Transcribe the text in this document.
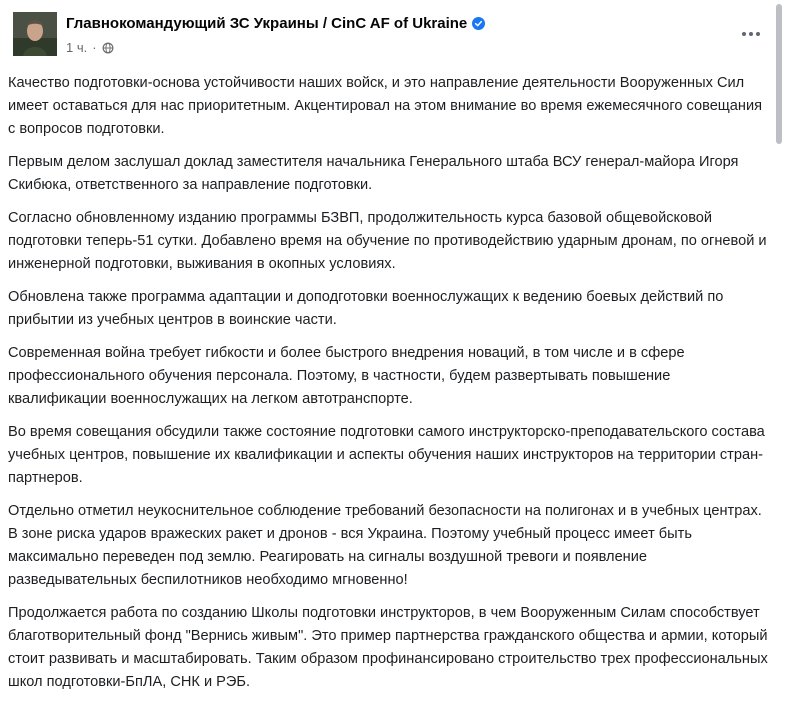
Главнокомандующий ЗС Украины / CinC AF of Ukraine
1 ч. ·

Качество подготовки-основа устойчивости наших войск, и это направление деятельности Вооруженных Сил имеет оставаться для нас приоритетным. Акцентировал на этом внимание во время ежемесячного совещания с вопросов подготовки.

Первым делом заслушал доклад заместителя начальника Генерального штаба ВСУ генерал-майора Игоря Скибюка, ответственного за направление подготовки.

Согласно обновленному изданию программы БЗВП, продолжительность курса базовой общевойсковой подготовки теперь-51 сутки. Добавлено время на обучение по противодействию ударным дронам, по огневой и инженерной подготовки, выживания в окопных условиях.

Обновлена также программа адаптации и доподготовки военнослужащих к ведению боевых действий по прибытии из учебных центров в воинские части.

Современная война требует гибкости и более быстрого внедрения новаций, в том числе и в сфере профессионального обучения персонала. Поэтому, в частности, будем развертывать повышение квалификации военнослужащих на легком автотранспорте.

Во время совещания обсудили также состояние подготовки самого инструкторско-преподавательского состава учебных центров, повышение их квалификации и аспекты обучения наших инструкторов на территории стран-партнеров.

Отдельно отметил неукоснительное соблюдение требований безопасности на полигонах и в учебных центрах. В зоне риска ударов вражеских ракет и дронов - вся Украина. Поэтому учебный процесс имеет быть максимально переведен под землю. Реагировать на сигналы воздушной тревоги и появление разведывательных беспилотников необходимо мгновенно!

Продолжается работа по созданию Школы подготовки инструкторов, в чем Вооруженным Силам способствует благотворительный фонд "Вернись живым". Это пример партнерства гражданского общества и армии, который стоит развивать и масштабировать. Таким образом профинансировано строительство трех профессиональных школ подготовки-БпЛА, СНК и РЭБ.
